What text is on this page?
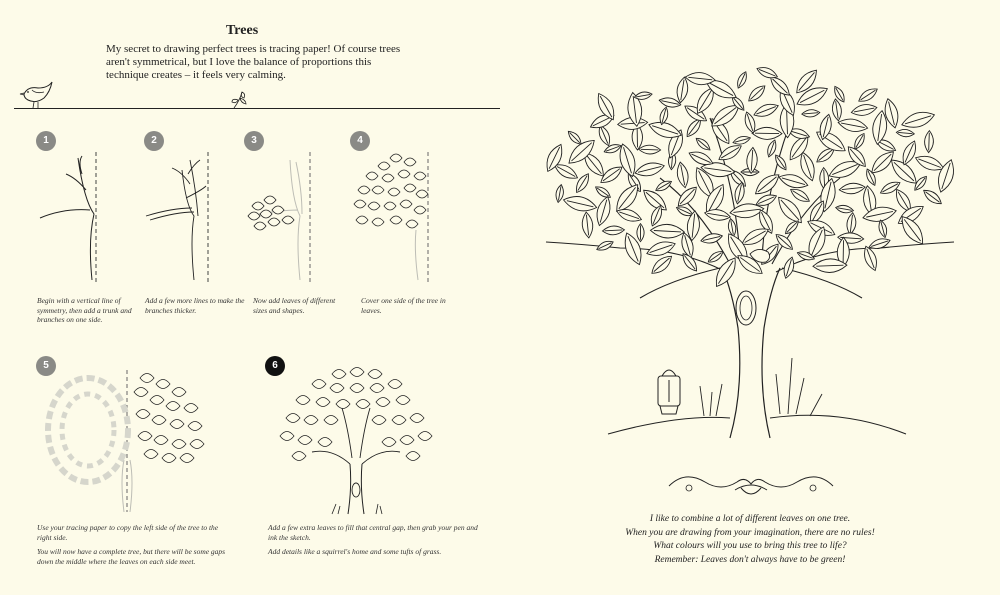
Trees
My secret to drawing perfect trees is tracing paper! Of course trees aren't symmetrical, but I love the balance of proportions this technique creates – it feels very calming.
1	2	3	4
5	6
Begin with a vertical line of symmetry, then add a trunk and branches on one side.
Add a few more lines to make the branches thicker.
Now add leaves of different sizes and shapes.
Cover one side of the tree in leaves.

Use your tracing paper to copy the left side of the tree to the right side.

You will now have a complete tree, but there will be some gaps down the middle where the leaves on each side meet.

Add a few extra leaves to fill that central gap, then grab your pen and ink the sketch.

Add details like a squirrel's home and some tufts of grass.

I like to combine a lot of different leaves on one tree.
When you are drawing from your imagination, there are no rules!
What colours will you use to bring this tree to life?
Remember: Leaves don't always have to be green!
